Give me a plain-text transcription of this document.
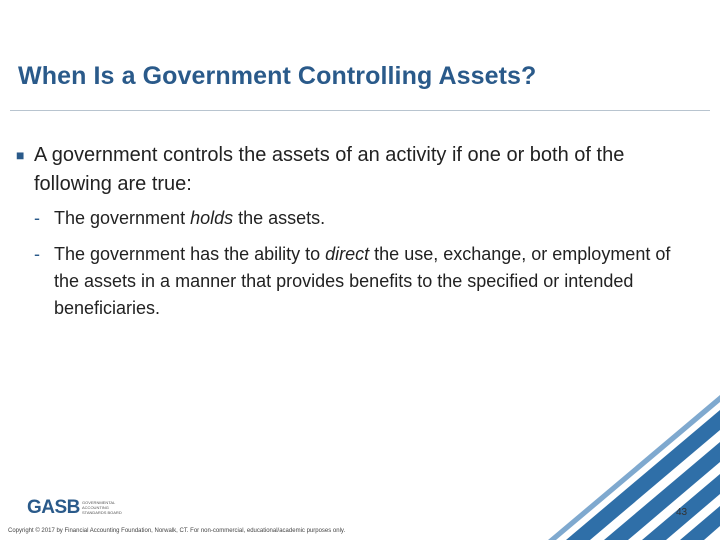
When Is a Government Controlling Assets?
■ A government controls the assets of an activity if one or both of the following are true:
- The government holds the assets.
- The government has the ability to direct the use, exchange, or employment of the assets in a manner that provides benefits to the specified or intended beneficiaries.
GASB GOVERNMENTAL ACCOUNTING STANDARDS BOARD
Copyright © 2017 by Financial Accounting Foundation, Norwalk, CT. For non-commercial, educational/academic purposes only.
43
